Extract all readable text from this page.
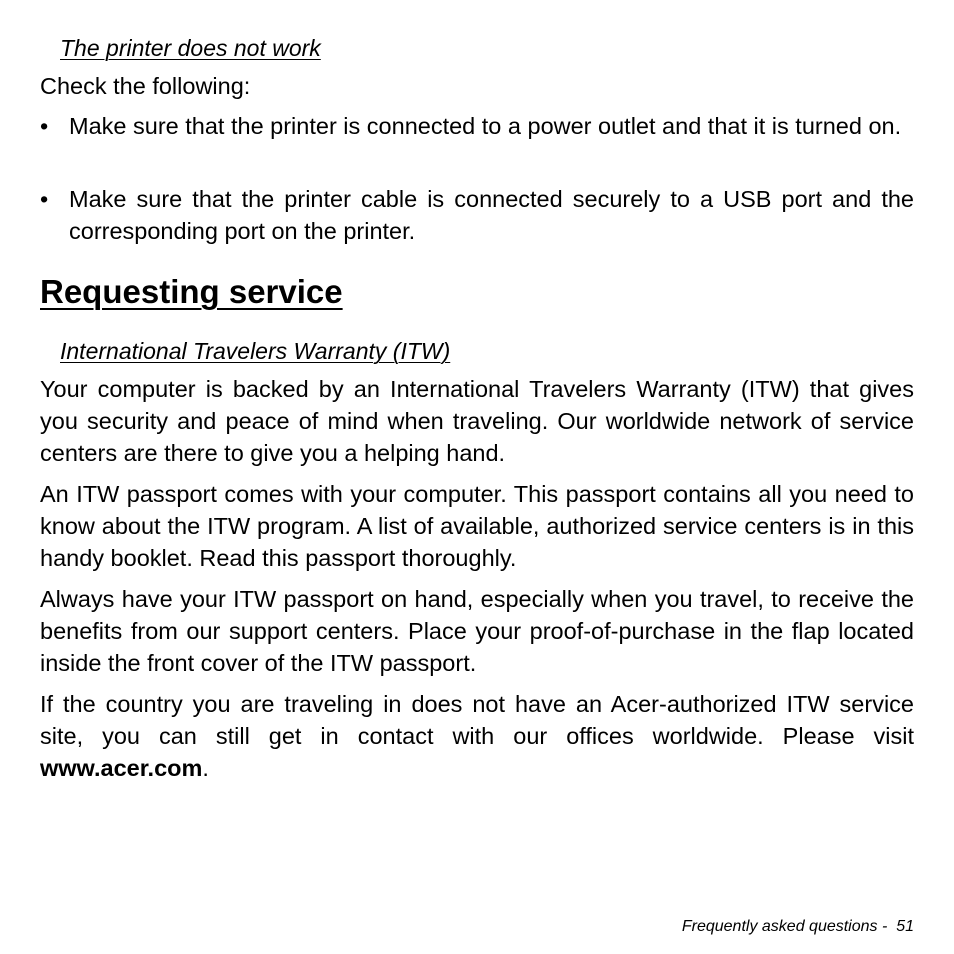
The printer does not work
Check the following:
• Make sure that the printer is connected to a power outlet and that it is turned on.
• Make sure that the printer cable is connected securely to a USB port and the corresponding port on the printer.
Requesting service
International Travelers Warranty (ITW)
Your computer is backed by an International Travelers Warranty (ITW) that gives you security and peace of mind when traveling. Our worldwide network of service centers are there to give you a helping hand.
An ITW passport comes with your computer. This passport contains all you need to know about the ITW program. A list of available, authorized service centers is in this handy booklet. Read this passport thoroughly.
Always have your ITW passport on hand, especially when you travel, to receive the benefits from our support centers. Place your proof-of-purchase in the flap located inside the front cover of the ITW passport.
If the country you are traveling in does not have an Acer-authorized ITW service site, you can still get in contact with our offices worldwide. Please visit www.acer.com.
Frequently asked questions -  51
